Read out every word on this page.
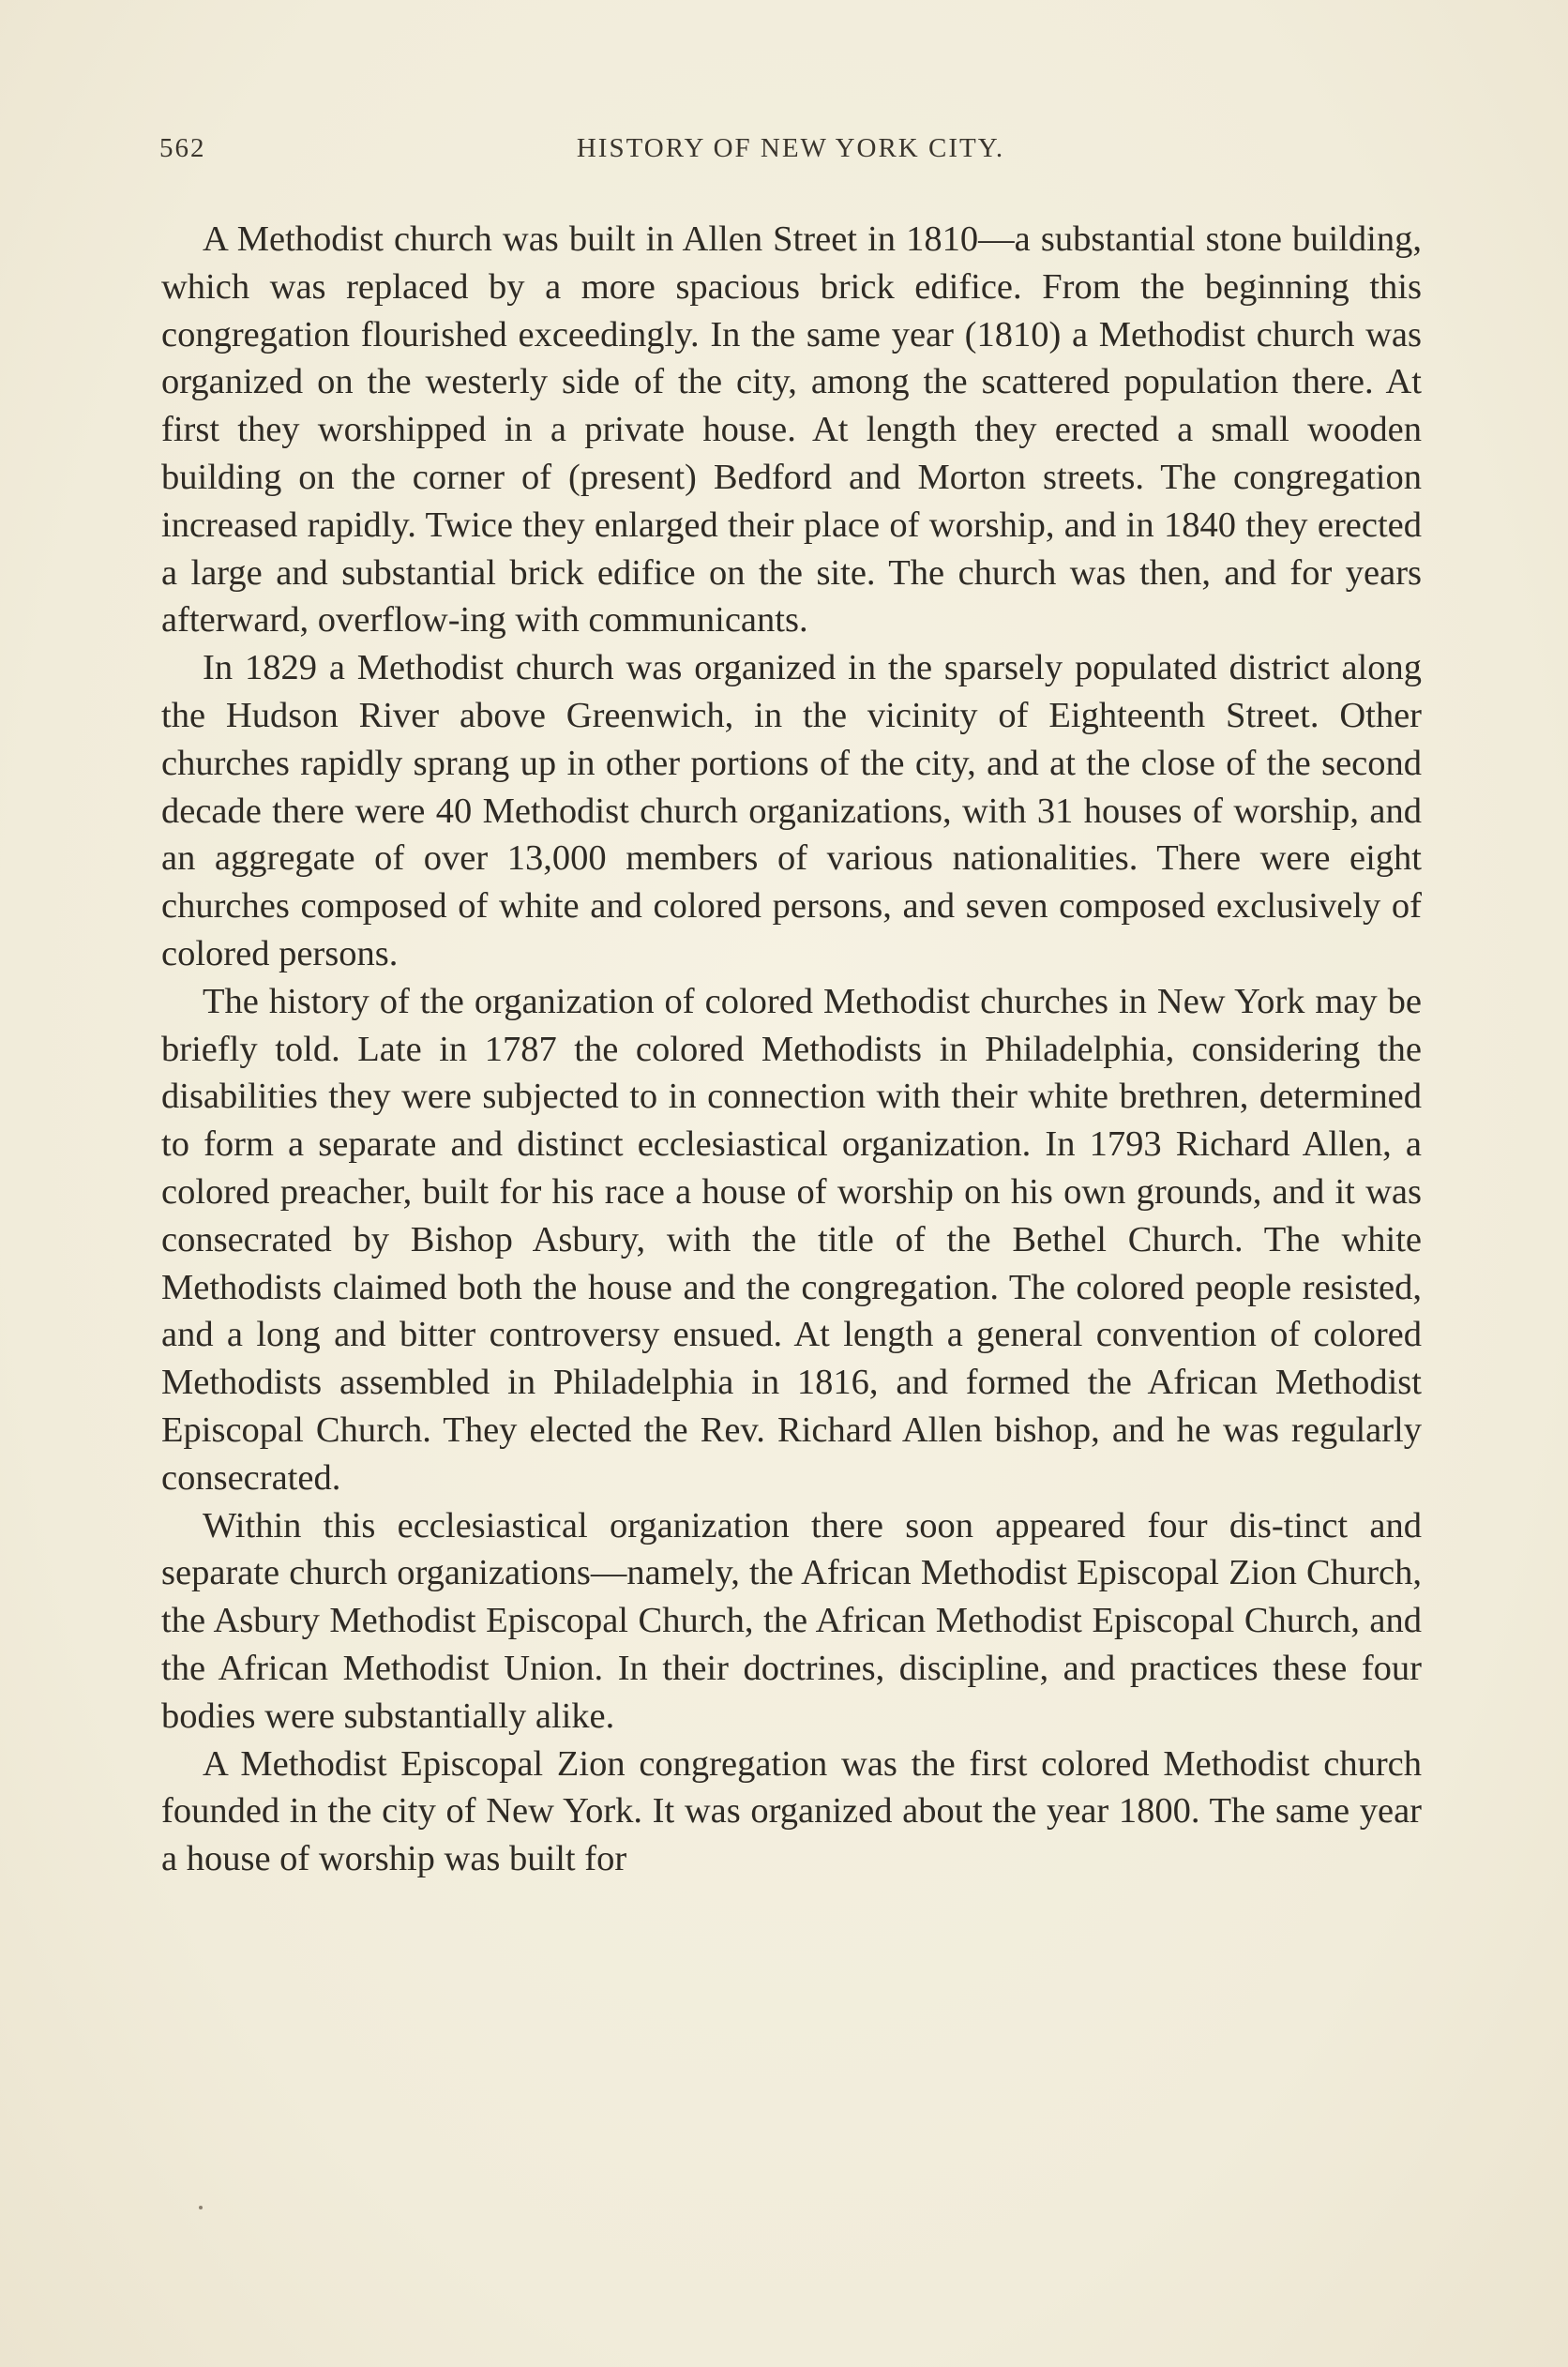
562	HISTORY OF NEW YORK CITY.

A Methodist church was built in Allen Street in 1810—a substantial stone building, which was replaced by a more spacious brick edifice. From the beginning this congregation flourished exceedingly. In the same year (1810) a Methodist church was organized on the westerly side of the city, among the scattered population there. At first they worshipped in a private house. At length they erected a small wooden building on the corner of (present) Bedford and Morton streets. The congregation increased rapidly. Twice they enlarged their place of worship, and in 1840 they erected a large and substantial brick edifice on the site. The church was then, and for years afterward, overflow-ing with communicants.

In 1829 a Methodist church was organized in the sparsely populated district along the Hudson River above Greenwich, in the vicinity of Eighteenth Street. Other churches rapidly sprang up in other portions of the city, and at the close of the second decade there were 40 Methodist church organizations, with 31 houses of worship, and an aggregate of over 13,000 members of various nationalities. There were eight churches composed of white and colored persons, and seven composed exclusively of colored persons.

The history of the organization of colored Methodist churches in New York may be briefly told. Late in 1787 the colored Methodists in Philadelphia, considering the disabilities they were subjected to in connection with their white brethren, determined to form a separate and distinct ecclesiastical organization. In 1793 Richard Allen, a colored preacher, built for his race a house of worship on his own grounds, and it was consecrated by Bishop Asbury, with the title of the Bethel Church. The white Methodists claimed both the house and the congregation. The colored people resisted, and a long and bitter controversy ensued. At length a general convention of colored Methodists assembled in Philadelphia in 1816, and formed the African Methodist Episcopal Church. They elected the Rev. Richard Allen bishop, and he was regularly consecrated.

Within this ecclesiastical organization there soon appeared four dis-tinct and separate church organizations—namely, the African Methodist Episcopal Zion Church, the Asbury Methodist Episcopal Church, the African Methodist Episcopal Church, and the African Methodist Union. In their doctrines, discipline, and practices these four bodies were substantially alike.

A Methodist Episcopal Zion congregation was the first colored Methodist church founded in the city of New York. It was organized about the year 1800. The same year a house of worship was built for
